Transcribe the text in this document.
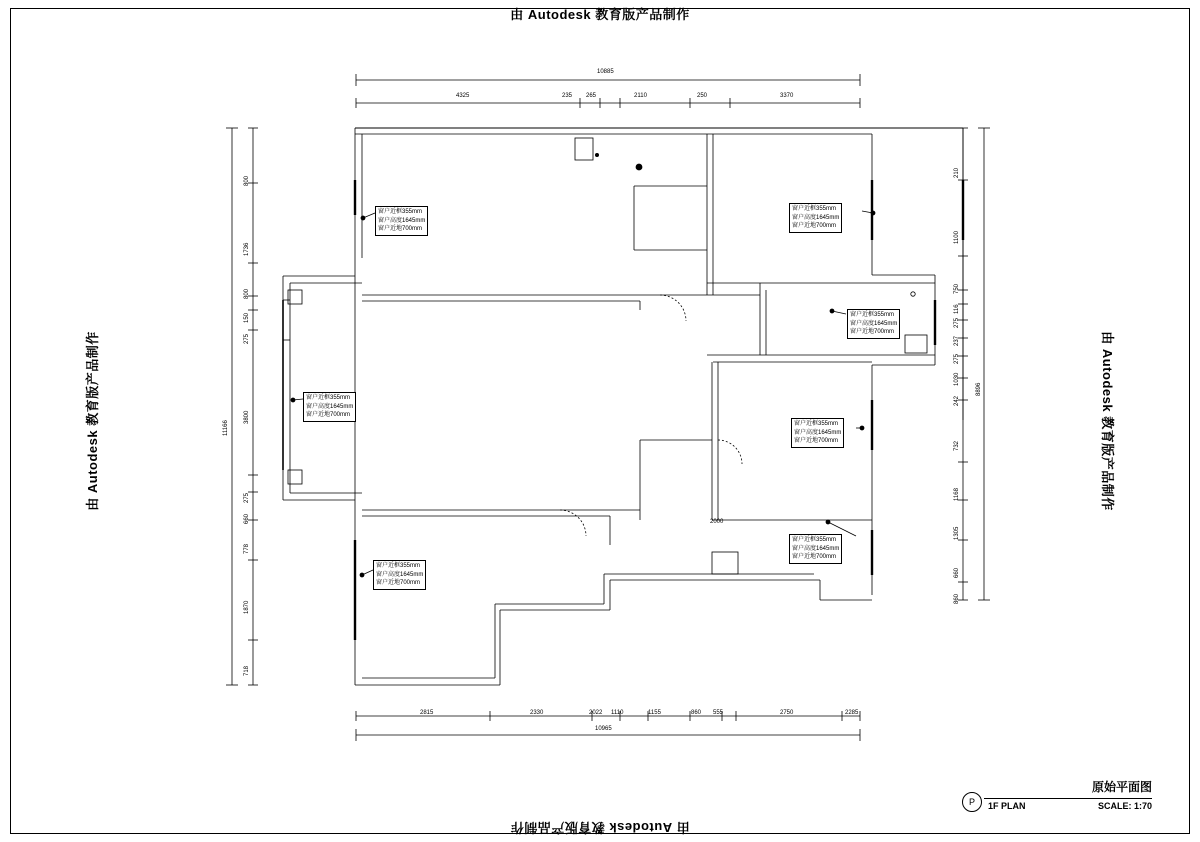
由 Autodesk 教育版产品制作
由 Autodesk 教育版产品制作
由 Autodesk 教育版产品制作	由 Autodesk 教育版产品制作
10885
4325	235 265	2110	250	3370
2815	2330	2022 1110	1155	860 555	2750	2285
10965
800
1736
800
150
275
3800
275
660
778
1870
718
11166
210
1100
750
116
275
237
275
1030
242
732
1168
1305
660
860
8896
2000
窗户近框355mm
窗户高度1645mm
窗户近地700mm
窗户近框355mm
窗户高度1645mm
窗户近地700mm
窗户近框355mm
窗户高度1645mm
窗户近地700mm
窗户近框355mm
窗户高度1645mm
窗户近地700mm
窗户近框355mm
窗户高度1645mm
窗户近地700mm
窗户近框355mm
窗户高度1645mm
窗户近地700mm
窗户近框355mm
窗户高度1645mm
窗户近地700mm
P
原始平面图
1F PLAN	SCALE: 1:70
